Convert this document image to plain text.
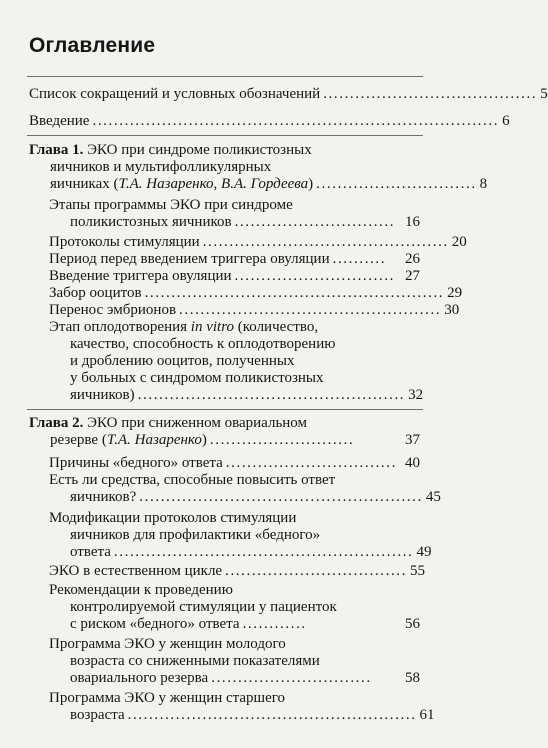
Оглавление
Список сокращений и условных обозначений ........................................ 5
Введение ............................................................................ 6
Глава 1. ЭКО при синдроме поликистозных
яичников и мультифолликулярных
яичниках (Т.А. Назаренко, В.А. Гордеева) .............................. 8
Этапы программы ЭКО при синдроме
поликистозных яичников .............................. 16
Протоколы стимуляции .............................................. 20
Период перед введением триггера овуляции ..........	26
Введение триггера овуляции .............................. 27
Забор ооцитов ........................................................ 29
Перенос эмбрионов ................................................. 30
Этап оплодотворения in vitro (количество,
качество, способность к оплодотворению
и дроблению ооцитов, полученных
у больных с синдромом поликистозных
яичников) .................................................. 32
Глава 2. ЭКО при сниженном овариальном
резерве (Т.А. Назаренко) ...........................	37
Причины «бедного» ответа ................................ 40
Есть ли средства, способные повысить ответ
яичников? ..................................................... 45
Модификации протоколов стимуляции
яичников для профилактики «бедного»
ответа ........................................................ 49
ЭКО в естественном цикле .................................. 55
Рекомендации к проведению
контролируемой стимуляции у пациенток
с риском «бедного» ответа ............	56
Программа ЭКО у женщин молодого
возраста со сниженными показателями
овариального резерва ..............................	58
Программа ЭКО у женщин старшего
возраста ...................................................... 61
